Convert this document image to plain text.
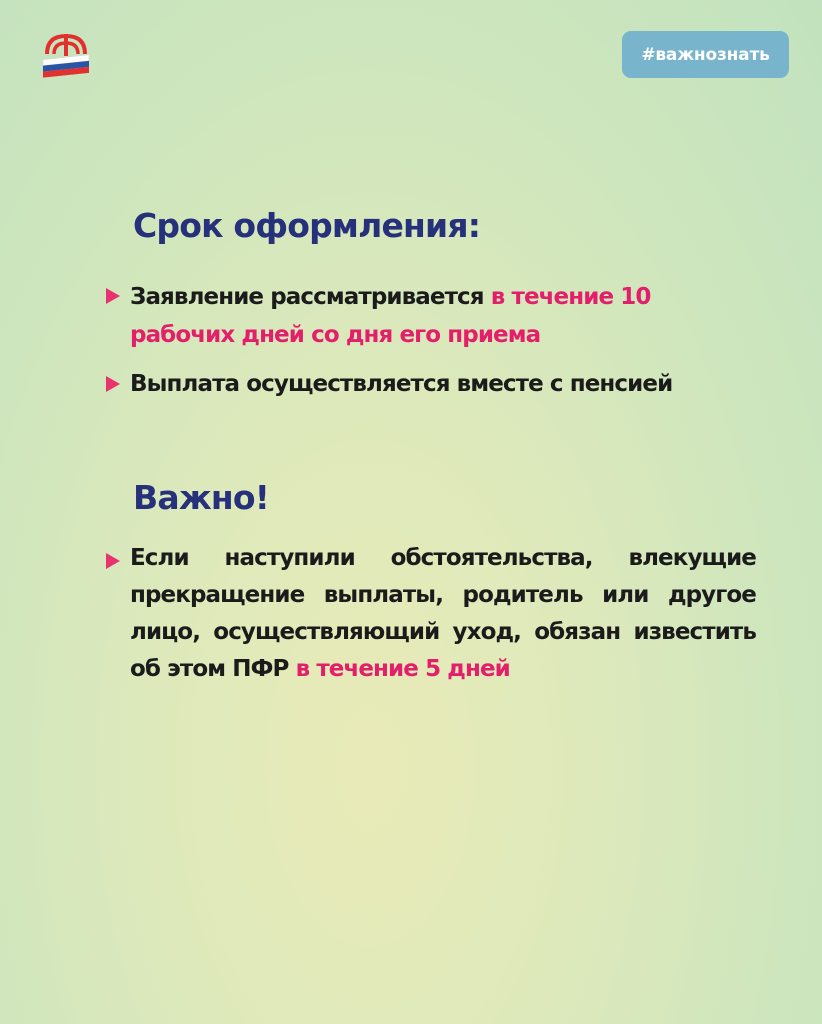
#важнознать
Срок оформления:
Заявление рассматривается в течение 10 рабочих дней со дня его приема
Выплата осуществляется вместе с пенсией
Важно!
Если наступили обстоятельства, влекущие прекращение выплаты, родитель или другое лицо, осуществляющий уход, обязан известить об этом ПФР в течение 5 дней
